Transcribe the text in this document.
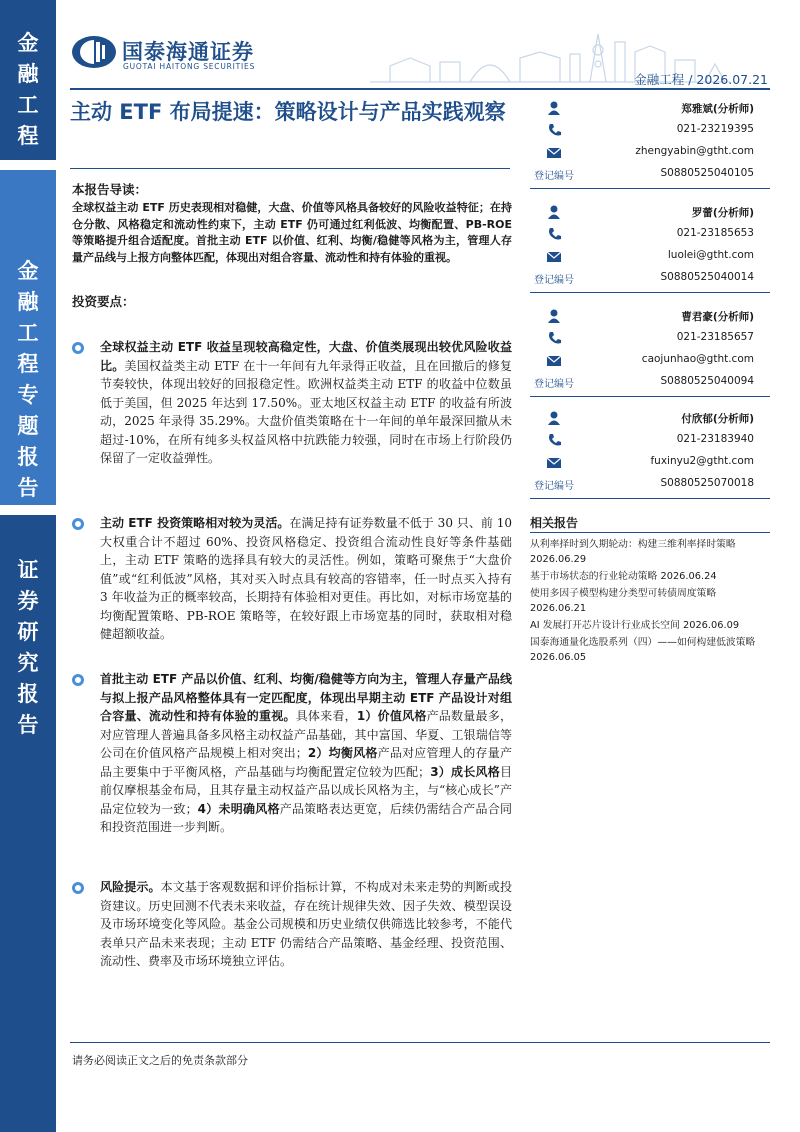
金
融
工
程
金
融
工
程
专
题
报
告
证
券
研
究
报
告
国泰海通证券
GUOTAI HAITONG SECURITIES
金融工程 / 2026.07.21
主动 ETF 布局提速：策略设计与产品实践观察
本报告导读：
全球权益主动 ETF 历史表现相对稳健，大盘、价值等风格具备较好的风险收益特征；在持仓分散、风格稳定和流动性约束下，主动 ETF 仍可通过红利低波、均衡配置、PB-ROE 等策略提升组合适配度。首批主动 ETF 以价值、红利、均衡/稳健等风格为主，管理人存量产品线与上报方向整体匹配，体现出对组合容量、流动性和持有体验的重视。
投资要点：
全球权益主动 ETF 收益呈现较高稳定性，大盘、价值类展现出较优风险收益比。美国权益类主动 ETF 在十一年间有九年录得正收益，且在回撤后的修复节奏较快，体现出较好的回报稳定性。欧洲权益类主动 ETF 的收益中位数虽低于美国，但 2025 年达到 17.50%。亚太地区权益主动 ETF 的收益有所波动，2025 年录得 35.29%。大盘价值类策略在十一年间的单年最深回撤从未超过-10%，在所有纯多头权益风格中抗跌能力较强，同时在市场上行阶段仍保留了一定收益弹性。
主动 ETF 投资策略相对较为灵活。在满足持有证券数量不低于 30 只、前 10 大权重合计不超过 60%、投资风格稳定、投资组合流动性良好等条件基础上，主动 ETF 策略的选择具有较大的灵活性。例如，策略可聚焦于“大盘价值”或“红利低波”风格，其对买入时点具有较高的容错率，任一时点买入持有 3 年收益为正的概率较高，长期持有体验相对更佳。再比如，对标市场宽基的均衡配置策略、PB-ROE 策略等，在较好跟上市场宽基的同时，获取相对稳健超额收益。
首批主动 ETF 产品以价值、红利、均衡/稳健等方向为主，管理人存量产品线与拟上报产品风格整体具有一定匹配度，体现出早期主动 ETF 产品设计对组合容量、流动性和持有体验的重视。具体来看，1）价值风格产品数量最多，对应管理人普遍具备多风格主动权益产品基础，其中富国、华夏、工银瑞信等公司在价值风格产品规模上相对突出；2）均衡风格产品对应管理人的存量产品主要集中于平衡风格，产品基础与均衡配置定位较为匹配；3）成长风格目前仅摩根基金布局，且其存量主动权益产品以成长风格为主，与“核心成长”产品定位较为一致；4）未明确风格产品策略表达更宽，后续仍需结合产品合同和投资范围进一步判断。
风险提示。本文基于客观数据和评价指标计算，不构成对未来走势的判断或投资建议。历史回测不代表未来收益，存在统计规律失效、因子失效、模型误设及市场环境变化等风险。基金公司规模和历史业绩仅供筛选比较参考，不能代表单只产品未来表现；主动 ETF 仍需结合产品策略、基金经理、投资范围、流动性、费率及市场环境独立评估。
郑雅斌(分析师)
021-23219395
zhengyabin@gtht.com
登记编号	S0880525040105
罗蕾(分析师)
021-23185653
luolei@gtht.com
登记编号	S0880525040014
曹君豪(分析师)
021-23185657
caojunhao@gtht.com
登记编号	S0880525040094
付欣郁(分析师)
021-23183940
fuxinyu2@gtht.com
登记编号	S0880525070018
相关报告
从利率择时到久期轮动：构建三维利率择时策略 2026.06.29
基于市场状态的行业轮动策略 2026.06.24
使用多因子模型构建分类型可转债周度策略 2026.06.21
AI 发展打开芯片设计行业成长空间 2026.06.09
国泰海通量化选股系列（四）——如何构建低波策略 2026.06.05
请务必阅读正文之后的免责条款部分
